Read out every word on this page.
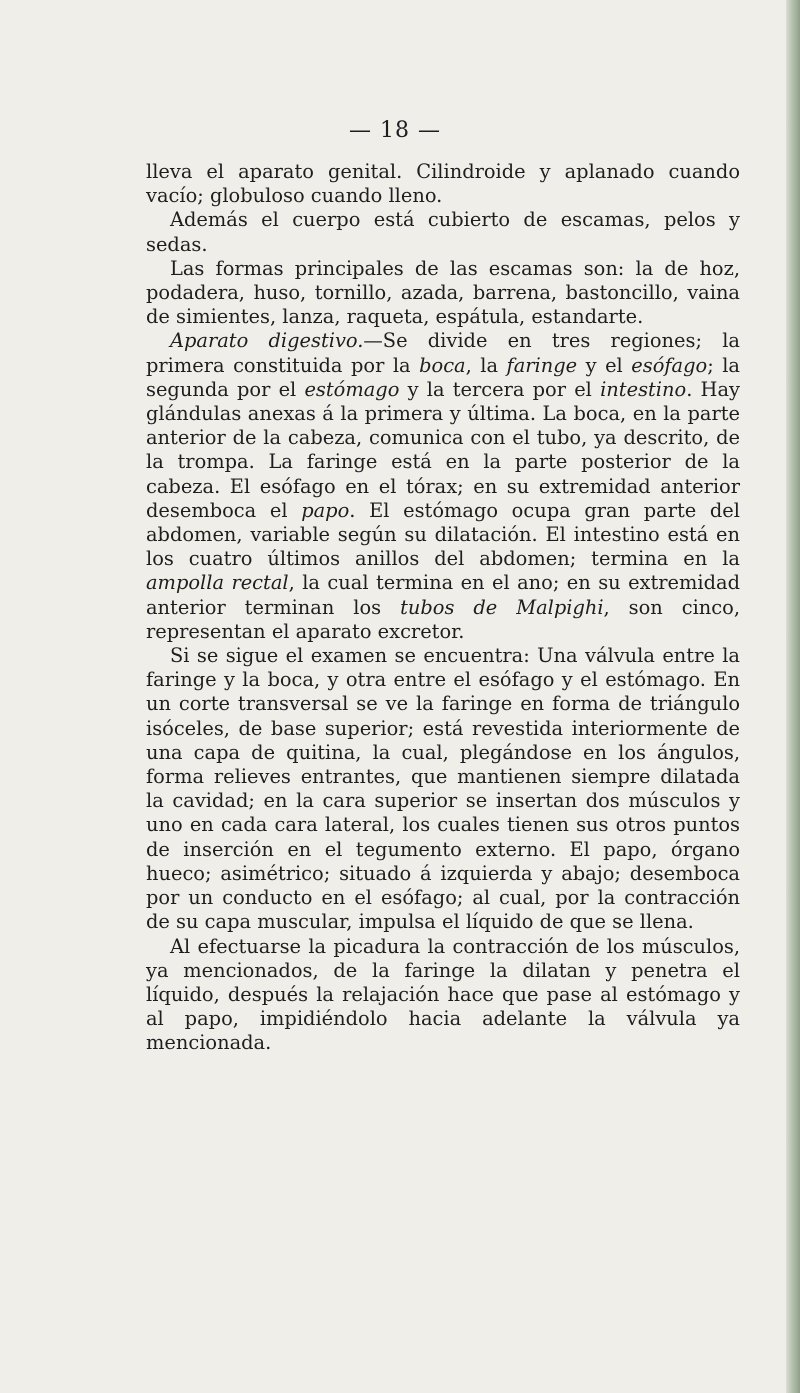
— 18 —

lleva el aparato genital. Cilindroide y aplanado cuando vacío; globuloso cuando lleno.

Además el cuerpo está cubierto de escamas, pelos y sedas.

Las formas principales de las escamas son: la de hoz, podadera, huso, tornillo, azada, barrena, bastoncillo, vaina de simientes, lanza, raqueta, espátula, estandarte.

Aparato digestivo.—Se divide en tres regiones; la primera constituida por la boca, la faringe y el esófago; la segunda por el estómago y la tercera por el intestino. Hay glándulas anexas á la primera y última. La boca, en la parte anterior de la cabeza, comunica con el tubo, ya descrito, de la trompa. La faringe está en la parte posterior de la cabeza. El esófago en el tórax; en su extremidad anterior desemboca el papo. El estómago ocupa gran parte del abdomen, variable según su dilatación. El intestino está en los cuatro últimos anillos del abdomen; termina en la ampolla rectal, la cual termina en el ano; en su extremidad anterior terminan los tubos de Malpighi, son cinco, representan el aparato excretor.

Si se sigue el examen se encuentra: Una válvula entre la faringe y la boca, y otra entre el esófago y el estómago. En un corte transversal se ve la faringe en forma de triángulo isóceles, de base superior; está revestida interiormente de una capa de quitina, la cual, plegándose en los ángulos, forma relieves entrantes, que mantienen siempre dilatada la cavidad; en la cara superior se insertan dos músculos y uno en cada cara lateral, los cuales tienen sus otros puntos de inserción en el tegumento externo. El papo, órgano hueco; asimétrico; situado á izquierda y abajo; desemboca por un conducto en el esófago; al cual, por la contracción de su capa muscular, impulsa el líquido de que se llena.

Al efectuarse la picadura la contracción de los músculos, ya mencionados, de la faringe la dilatan y penetra el líquido, después la relajación hace que pase al estómago y al papo, impidiéndolo hacia adelante la válvula ya mencionada.
